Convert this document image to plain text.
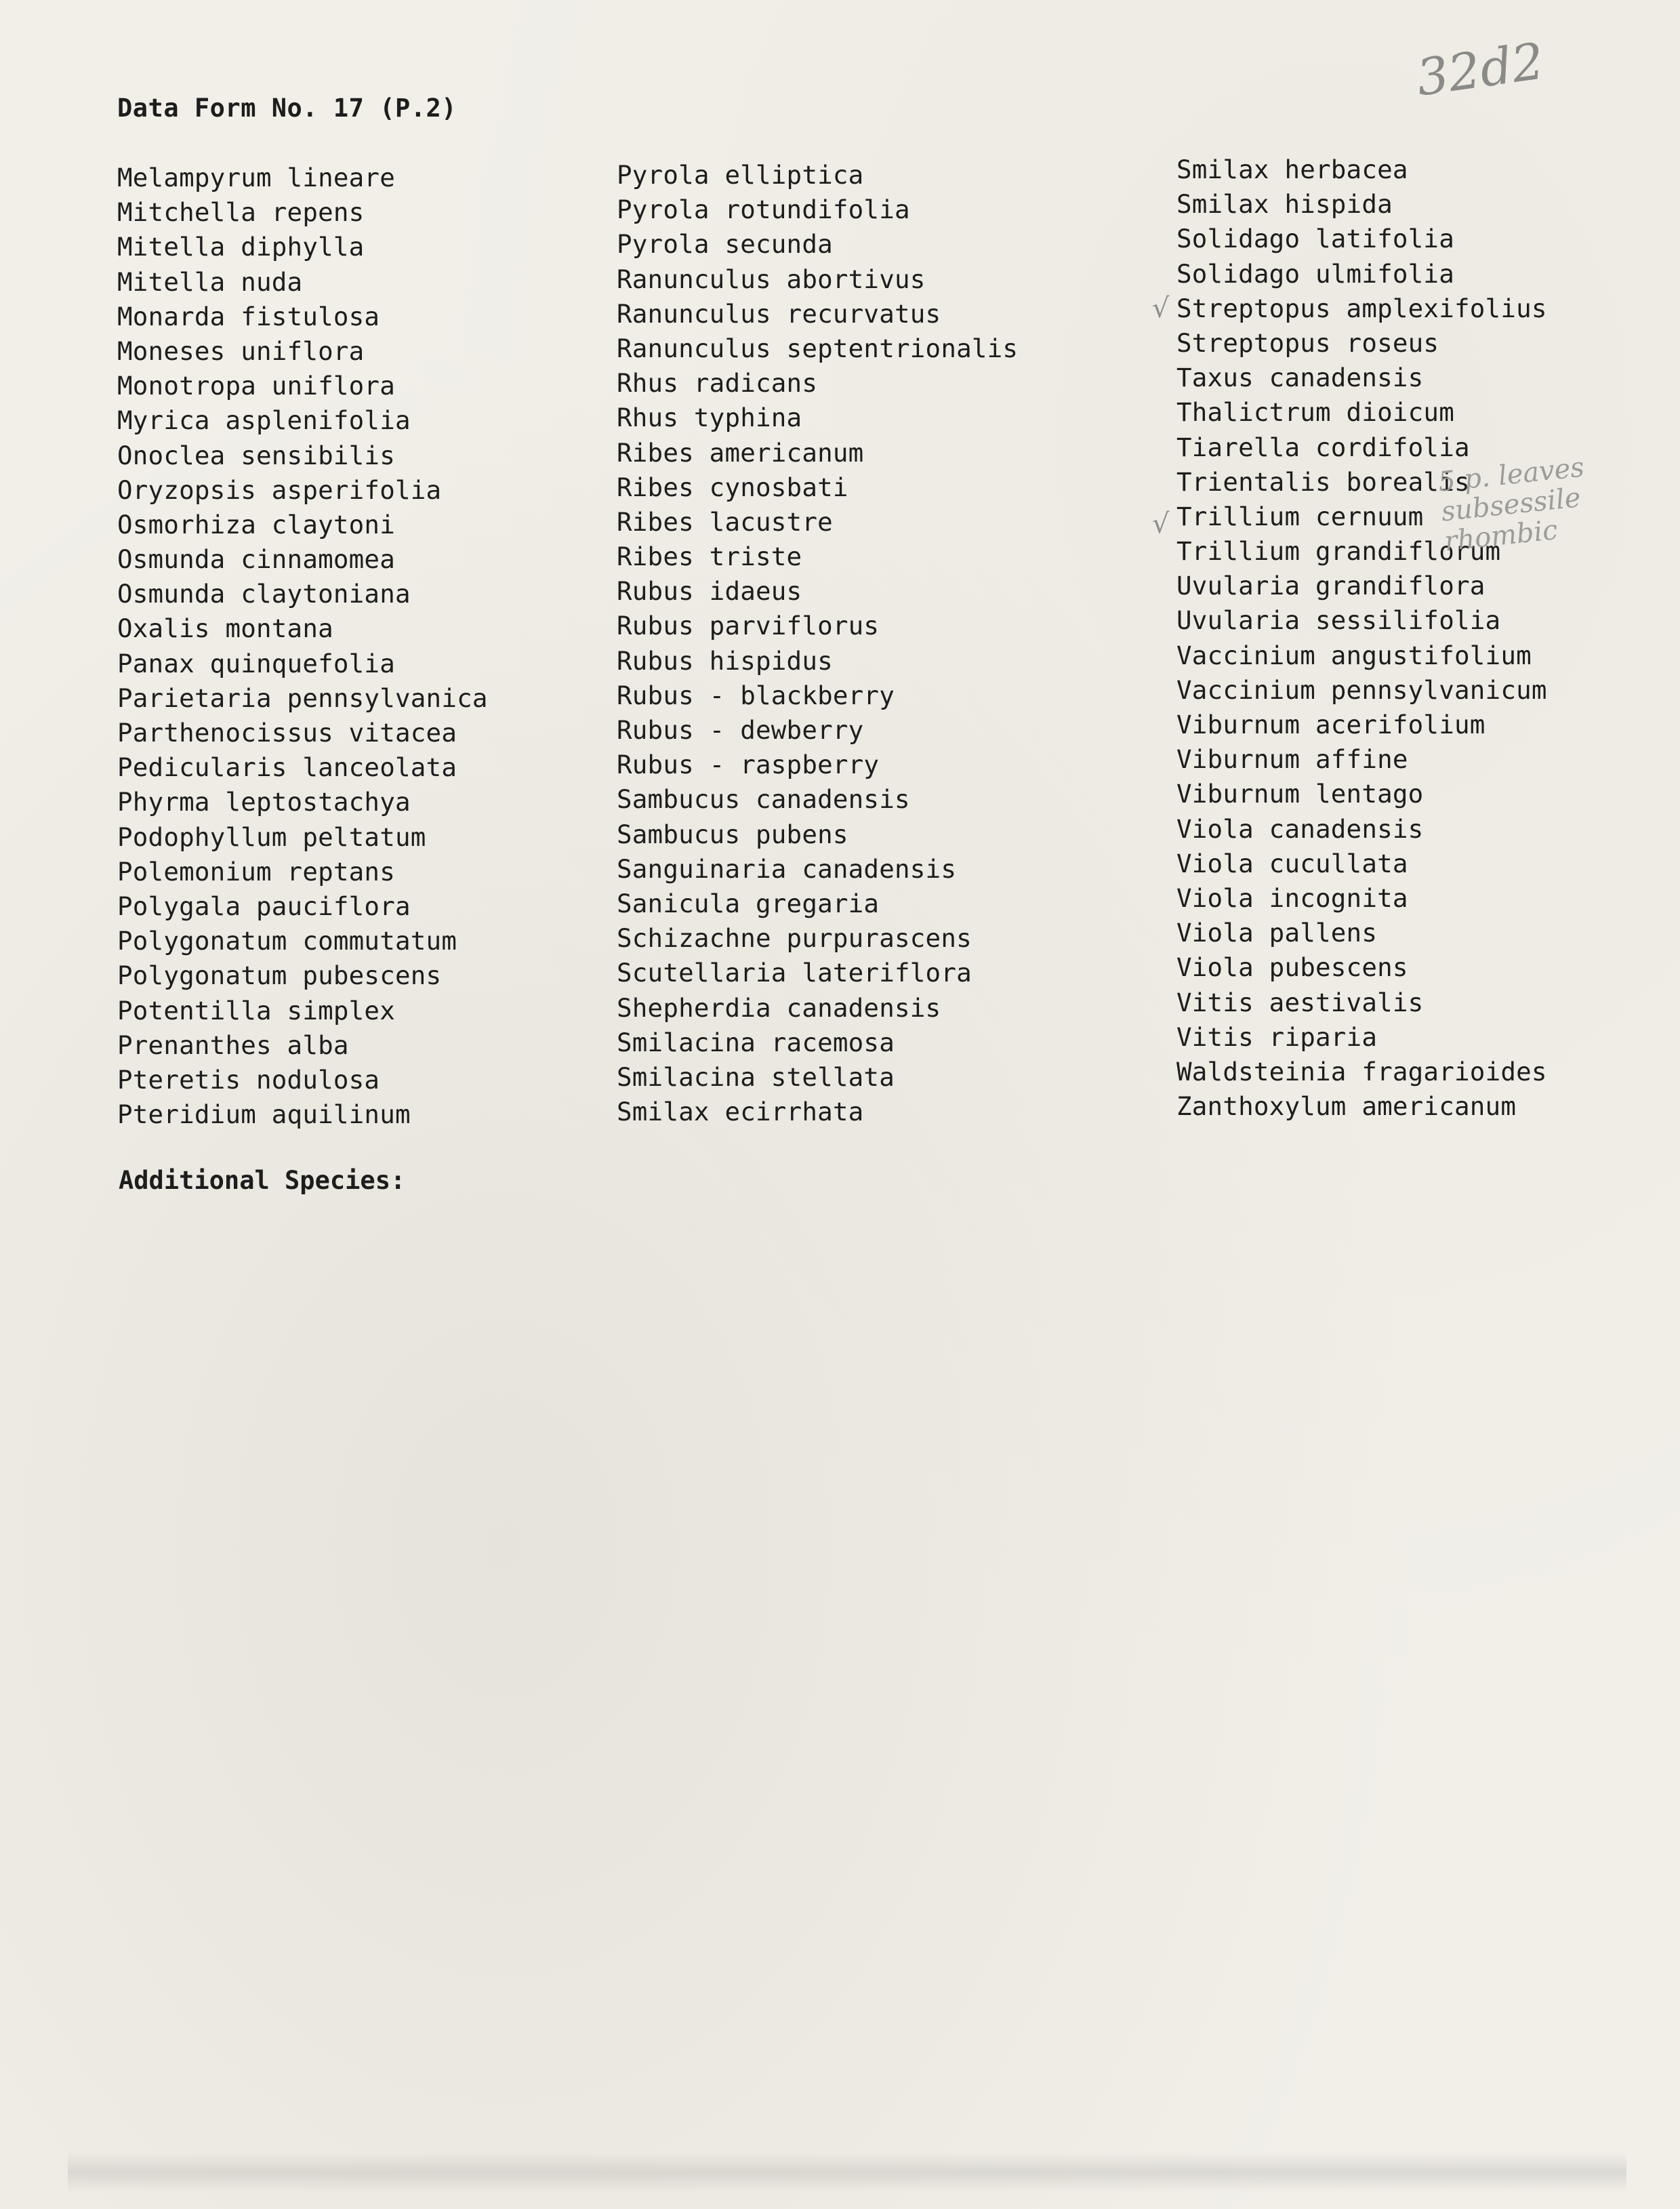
Data Form No. 17 (P.2)
32d2
Melampyrum lineare
Mitchella repens
Mitella diphylla
Mitella nuda
Monarda fistulosa
Moneses uniflora
Monotropa uniflora
Myrica asplenifolia
Onoclea sensibilis
Oryzopsis asperifolia
Osmorhiza claytoni
Osmunda cinnamomea
Osmunda claytoniana
Oxalis montana
Panax quinquefolia
Parietaria pennsylvanica
Parthenocissus vitacea
Pedicularis lanceolata
Phyrma leptostachya
Podophyllum peltatum
Polemonium reptans
Polygala pauciflora
Polygonatum commutatum
Polygonatum pubescens
Potentilla simplex
Prenanthes alba
Pteretis nodulosa
Pteridium aquilinum
Pyrola elliptica
Pyrola rotundifolia
Pyrola secunda
Ranunculus abortivus
Ranunculus recurvatus
Ranunculus septentrionalis
Rhus radicans
Rhus typhina
Ribes americanum
Ribes cynosbati
Ribes lacustre
Ribes triste
Rubus idaeus
Rubus parviflorus
Rubus hispidus
Rubus - blackberry
Rubus - dewberry
Rubus - raspberry
Sambucus canadensis
Sambucus pubens
Sanguinaria canadensis
Sanicula gregaria
Schizachne purpurascens
Scutellaria lateriflora
Shepherdia canadensis
Smilacina racemosa
Smilacina stellata
Smilax ecirrhata
Smilax herbacea
Smilax hispida
Solidago latifolia
Solidago ulmifolia
Streptopus amplexifolius
Streptopus roseus
Taxus canadensis
Thalictrum dioicum
Tiarella cordifolia
Trientalis borealis
Trillium cernuum
Trillium grandiflorum
Uvularia grandiflora
Uvularia sessilifolia
Vaccinium angustifolium
Vaccinium pennsylvanicum
Viburnum acerifolium
Viburnum affine
Viburnum lentago
Viola canadensis
Viola cucullata
Viola incognita
Viola pallens
Viola pubescens
Vitis aestivalis
Vitis riparia
Waldsteinia fragarioides
Zanthoxylum americanum
√
√
5 p. leaves
subsessile
rhombic
Additional Species:
